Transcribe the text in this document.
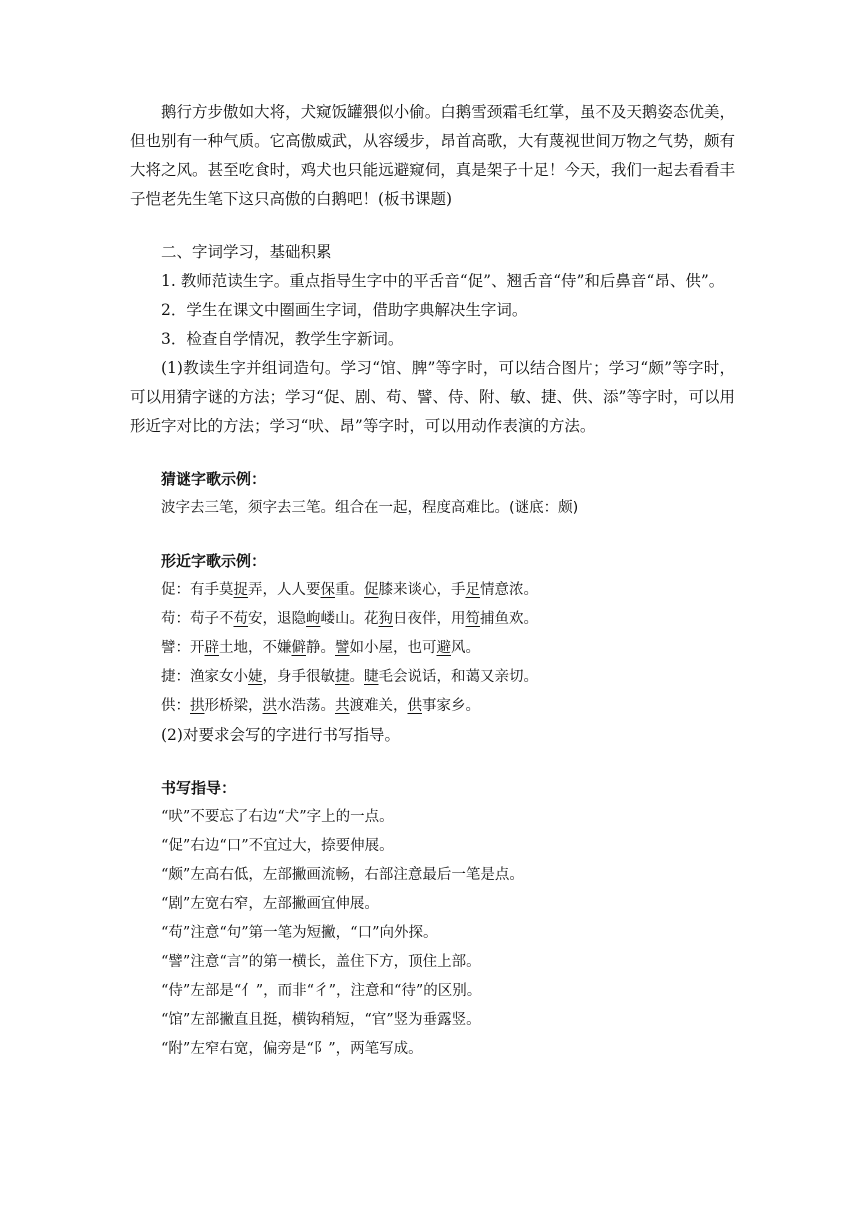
鹅行方步傲如大将，犬窥饭罐猥似小偷。白鹅雪颈霜毛红掌，虽不及天鹅姿态优美，但也别有一种气质。它高傲威武，从容缓步，昂首高歌，大有蔑视世间万物之气势，颇有大将之风。甚至吃食时，鸡犬也只能远避窥伺，真是架子十足！今天，我们一起去看看丰子恺老先生笔下这只高傲的白鹅吧！(板书课题)

二、字词学习，基础积累

1. 教师范读生字。重点指导生字中的平舌音“促”、翘舌音“侍”和后鼻音“昂、供”。

2．学生在课文中圈画生字词，借助字典解决生字词。

3．检查自学情况，教学生字新词。

(1)教读生字并组词造句。学习“馆、脾”等字时，可以结合图片；学习“颇”等字时，可以用猜字谜的方法；学习“促、剧、苟、譬、侍、附、敏、捷、供、添”等字时，可以用形近字对比的方法；学习“吠、昂”等字时，可以用动作表演的方法。

猜谜字歌示例：

波字去三笔，须字去三笔。组合在一起，程度高难比。(谜底：颇)

形近字歌示例：

促：有手莫捉弄，人人要保重。促膝来谈心，手足情意浓。

苟：苟子不苟安，退隐岣嵝山。花狗日夜伴，用笱捕鱼欢。

譬：开辟土地，不嫌僻静。譬如小屋，也可避风。

捷：渔家女小婕，身手很敏捷。睫毛会说话，和蔼又亲切。

供：拱形桥梁，洪水浩荡。共渡难关，供事家乡。

(2)对要求会写的字进行书写指导。

书写指导：

“吠”不要忘了右边“犬”字上的一点。

“促”右边“口”不宜过大，捺要伸展。

“颇”左高右低，左部撇画流畅，右部注意最后一笔是点。

“剧”左宽右窄，左部撇画宜伸展。

“苟”注意“句”第一笔为短撇，“口”向外探。

“譬”注意“言”的第一横长，盖住下方，顶住上部。

“侍”左部是“亻”，而非“彳”，注意和“待”的区别。

“馆”左部撇直且挺，横钩稍短，“官”竖为垂露竖。

“附”左窄右宽，偏旁是“阝”，两笔写成。
